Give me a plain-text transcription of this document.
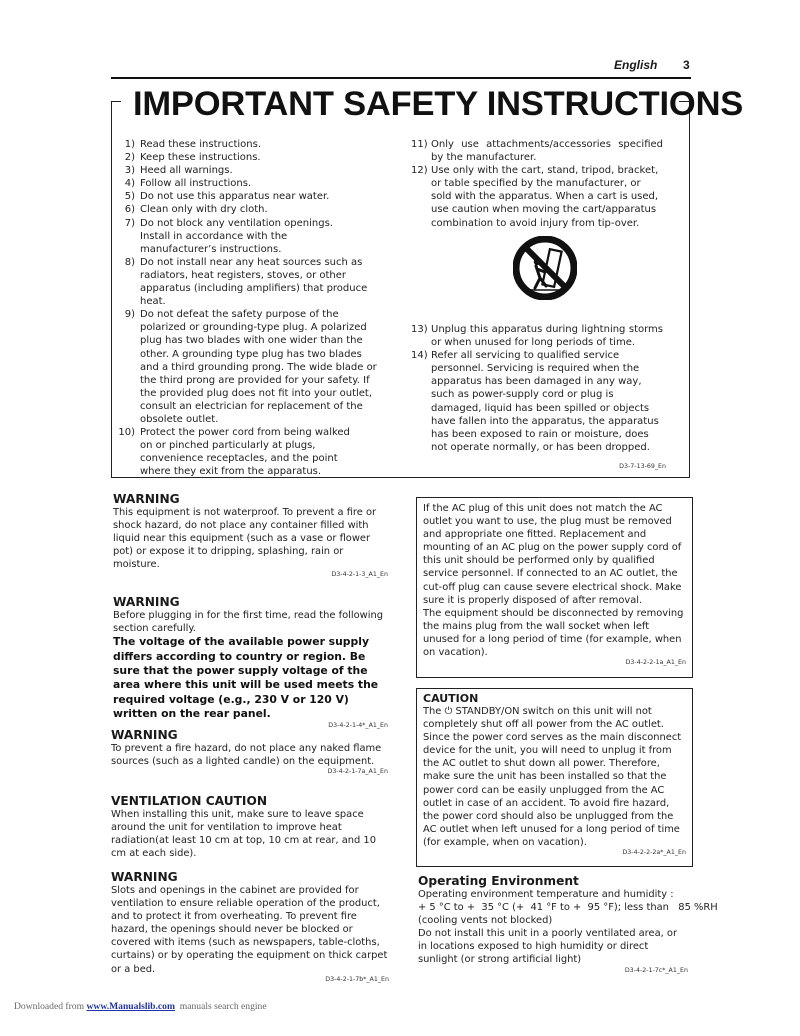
English 3
IMPORTANT SAFETY INSTRUCTIONS
1) Read these instructions.
2) Keep these instructions.
3) Heed all warnings.
4) Follow all instructions.
5) Do not use this apparatus near water.
6) Clean only with dry cloth.
7) Do not block any ventilation openings. Install in accordance with the manufacturer’s instructions.
8) Do not install near any heat sources such as radiators, heat registers, stoves, or other apparatus (including amplifiers) that produce heat.
9) Do not defeat the safety purpose of the polarized or grounding-type plug. A polarized plug has two blades with one wider than the other. A grounding type plug has two blades and a third grounding prong. The wide blade or the third prong are provided for your safety. If the provided plug does not fit into your outlet, consult an electrician for replacement of the obsolete outlet.
10) Protect the power cord from being walked on or pinched particularly at plugs, convenience receptacles, and the point where they exit from the apparatus.
11) Only use attachments/accessories specified by the manufacturer.
12) Use only with the cart, stand, tripod, bracket, or table specified by the manufacturer, or sold with the apparatus. When a cart is used, use caution when moving the cart/apparatus combination to avoid injury from tip-over.
13) Unplug this apparatus during lightning storms or when unused for long periods of time.
14) Refer all servicing to qualified service personnel. Servicing is required when the apparatus has been damaged in any way, such as power-supply cord or plug is damaged, liquid has been spilled or objects have fallen into the apparatus, the apparatus has been exposed to rain or moisture, does not operate normally, or has been dropped.
D3-7-13-69_En
WARNING
This equipment is not waterproof. To prevent a fire or shock hazard, do not place any container filled with liquid near this equipment (such as a vase or flower pot) or expose it to dripping, splashing, rain or moisture.
D3-4-2-1-3_A1_En
WARNING
Before plugging in for the first time, read the following section carefully.
The voltage of the available power supply differs according to country or region. Be sure that the power supply voltage of the area where this unit will be used meets the required voltage (e.g., 230 V or 120 V) written on the rear panel.
D3-4-2-1-4*_A1_En
WARNING
To prevent a fire hazard, do not place any naked flame sources (such as a lighted candle) on the equipment.
D3-4-2-1-7a_A1_En
VENTILATION CAUTION
When installing this unit, make sure to leave space around the unit for ventilation to improve heat radiation(at least 10 cm at top, 10 cm at rear, and 10 cm at each side).
WARNING
Slots and openings in the cabinet are provided for ventilation to ensure reliable operation of the product, and to protect it from overheating. To prevent fire hazard, the openings should never be blocked or covered with items (such as newspapers, table-cloths, curtains) or by operating the equipment on thick carpet or a bed.
D3-4-2-1-7b*_A1_En
If the AC plug of this unit does not match the AC outlet you want to use, the plug must be removed and appropriate one fitted. Replacement and mounting of an AC plug on the power supply cord of this unit should be performed only by qualified service personnel. If connected to an AC outlet, the cut-off plug can cause severe electrical shock. Make sure it is properly disposed of after removal.
The equipment should be disconnected by removing the mains plug from the wall socket when left unused for a long period of time (for example, when on vacation).
D3-4-2-2-1a_A1_En
CAUTION
The ⏻ STANDBY/ON switch on this unit will not completely shut off all power from the AC outlet. Since the power cord serves as the main disconnect device for the unit, you will need to unplug it from the AC outlet to shut down all power. Therefore, make sure the unit has been installed so that the power cord can be easily unplugged from the AC outlet in case of an accident. To avoid fire hazard, the power cord should also be unplugged from the AC outlet when left unused for a long period of time (for example, when on vacation).
D3-4-2-2-2a*_A1_En
Operating Environment
Operating environment temperature and humidity :
+ 5 °C to +  35 °C (+  41 °F to +  95 °F); less than   85 %RH
(cooling vents not blocked)
Do not install this unit in a poorly ventilated area, or in locations exposed to high humidity or direct sunlight (or strong artificial light)
D3-4-2-1-7c*_A1_En
Downloaded from www.Manualslib.com  manuals search engine
